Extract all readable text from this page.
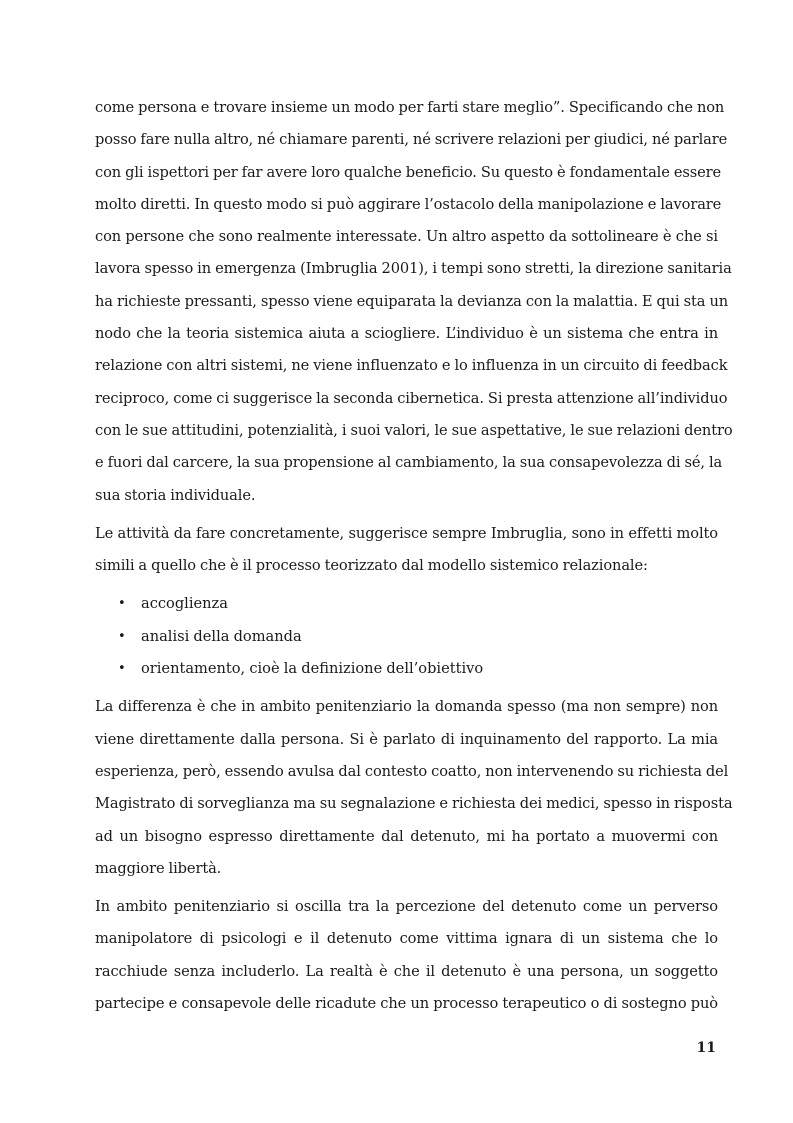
come persona e trovare insieme un modo per farti stare meglio”. Specificando che non
posso fare nulla altro, né chiamare parenti, né scrivere relazioni per giudici, né parlare
con gli ispettori per far avere loro qualche beneficio. Su questo è fondamentale essere
molto diretti. In questo modo si può aggirare l’ostacolo della manipolazione e lavorare
con persone che sono realmente interessate. Un altro aspetto da sottolineare è che si
lavora spesso in emergenza (Imbruglia 2001), i tempi sono stretti, la direzione sanitaria
ha richieste pressanti, spesso viene equiparata la devianza con la malattia. E qui sta un
nodo che la teoria sistemica aiuta a sciogliere. L’individuo è un sistema che entra in
relazione con altri sistemi, ne viene influenzato e lo influenza in un circuito di feedback
reciproco, come ci suggerisce la seconda cibernetica. Si presta attenzione all’individuo
con le sue attitudini, potenzialità, i suoi valori, le sue aspettative, le sue relazioni dentro
e fuori dal carcere, la sua propensione al cambiamento, la sua consapevolezza di sé, la
sua storia individuale.
Le attività da fare concretamente, suggerisce sempre Imbruglia, sono in effetti molto
simili a quello che è il processo teorizzato dal modello sistemico relazionale:
• accoglienza
• analisi della domanda
• orientamento, cioè la definizione dell’obiettivo
La differenza è che in ambito penitenziario la domanda spesso (ma non sempre) non
viene direttamente dalla persona. Si è parlato di inquinamento del rapporto. La mia
esperienza, però, essendo avulsa dal contesto coatto, non intervenendo su richiesta del
Magistrato di sorveglianza ma su segnalazione e richiesta dei medici, spesso in risposta
ad un bisogno espresso direttamente dal detenuto, mi ha portato a muovermi con
maggiore libertà.
In ambito penitenziario si oscilla tra la percezione del detenuto come un perverso
manipolatore di psicologi e il detenuto come vittima ignara di un sistema che lo
racchiude senza includerlo. La realtà è che il detenuto è una persona, un soggetto
partecipe e consapevole delle ricadute che un processo terapeutico o di sostegno può
11
